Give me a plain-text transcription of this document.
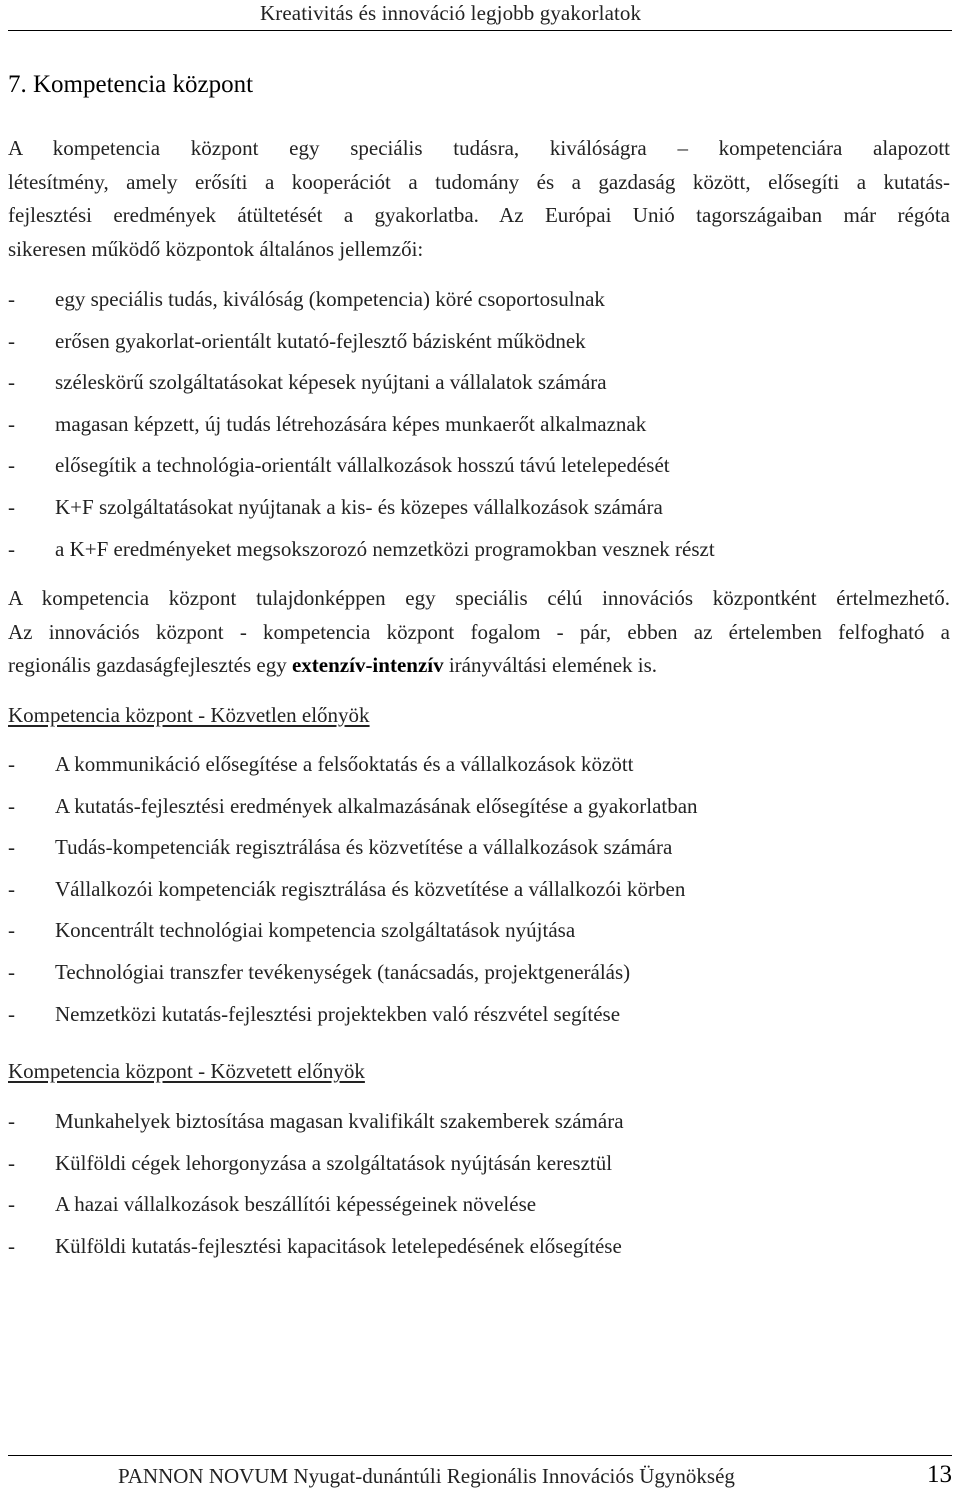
Kreativitás és innováció legjobb gyakorlatok
7. Kompetencia központ
A kompetencia központ egy speciális tudásra, kiválóságra – kompetenciára alapozott
létesítmény, amely erősíti a kooperációt a tudomány és a gazdaság között, elősegíti a kutatás-
fejlesztési eredmények átültetését a gyakorlatba. Az Európai Unió tagországaiban már régóta
sikeresen működő központok általános jellemzői:
- egy speciális tudás, kiválóság (kompetencia) köré csoportosulnak
- erősen gyakorlat-orientált kutató-fejlesztő bázisként működnek
- széleskörű szolgáltatásokat képesek nyújtani a vállalatok számára
- magasan képzett, új tudás létrehozására képes munkaerőt alkalmaznak
- elősegítik a technológia-orientált vállalkozások hosszú távú letelepedését
- K+F szolgáltatásokat nyújtanak a kis- és közepes vállalkozások számára
- a K+F eredményeket megsokszorozó nemzetközi programokban vesznek részt
A kompetencia központ tulajdonképpen egy speciális célú innovációs központként értelmezhető.
Az innovációs központ - kompetencia központ fogalom - pár, ebben az értelemben felfogható a
regionális gazdaságfejlesztés egy extenzív-intenzív irányváltási elemének is.
Kompetencia központ - Közvetlen előnyök
- A kommunikáció elősegítése a felsőoktatás és a vállalkozások között
- A kutatás-fejlesztési eredmények alkalmazásának elősegítése a gyakorlatban
- Tudás-kompetenciák regisztrálása és közvetítése a vállalkozások számára
- Vállalkozói kompetenciák regisztrálása és közvetítése a vállalkozói körben
- Koncentrált technológiai kompetencia szolgáltatások nyújtása
- Technológiai transzfer tevékenységek (tanácsadás, projektgenerálás)
- Nemzetközi kutatás-fejlesztési projektekben való részvétel segítése
Kompetencia központ - Közvetett előnyök
- Munkahelyek biztosítása magasan kvalifikált szakemberek számára
- Külföldi cégek lehorgonyzása a szolgáltatások nyújtásán keresztül
- A hazai vállalkozások beszállítói képességeinek növelése
- Külföldi kutatás-fejlesztési kapacitások letelepedésének elősegítése
PANNON NOVUM Nyugat-dunántúli Regionális Innovációs Ügynökség	13
